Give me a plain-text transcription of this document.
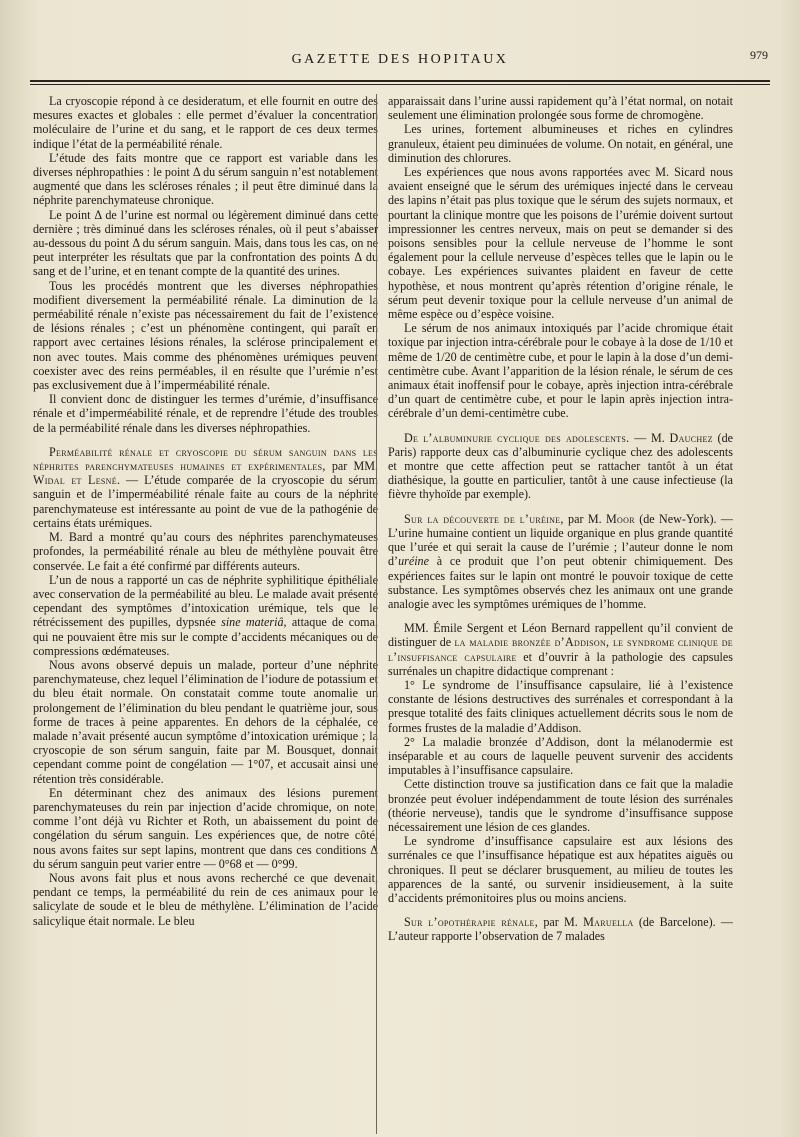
GAZETTE DES HOPITAUX	979

La cryoscopie répond à ce desideratum, et elle fournit en outre des mesures exactes et globales : elle permet d’évaluer la concentration moléculaire de l’urine et du sang, et le rapport de ces deux termes indique l’état de la perméabilité rénale.

L’étude des faits montre que ce rapport est variable dans les diverses néphropathies : le point Δ du sérum sanguin n’est notablement augmenté que dans les scléroses rénales ; il peut être diminué dans la néphrite parenchymateuse chronique.

Le point Δ de l’urine est normal ou légèrement diminué dans cette dernière ; très diminué dans les scléroses rénales, où il peut s’abaisser au-dessous du point Δ du sérum sanguin. Mais, dans tous les cas, on ne peut interpréter les résultats que par la confrontation des points Δ du sang et de l’urine, et en tenant compte de la quantité des urines.

Tous les procédés montrent que les diverses néphropathies modifient diversement la perméabilité rénale. La diminution de la perméabilité rénale n’existe pas nécessairement du fait de l’existence de lésions rénales ; c’est un phénomène contingent, qui paraît en rapport avec certaines lésions rénales, la sclérose principalement et non avec toutes. Mais comme des phénomènes urémiques peuvent coexister avec des reins perméables, il en résulte que l’urémie n’est pas exclusivement due à l’imperméabilité rénale.

Il convient donc de distinguer les termes d’urémie, d’insuffisance rénale et d’imperméabilité rénale, et de reprendre l’étude des troubles de la perméabilité rénale dans les diverses néphropathies.

Perméabilité rénale et cryoscopie du sérum sanguin dans les néphrites parenchymateuses humaines et expérimentales, par MM. Widal et Lesné. — L’étude comparée de la cryoscopie du sérum sanguin et de l’imperméabilité rénale faite au cours de la néphrite parenchymateuse est intéressante au point de vue de la pathogénie de certains états urémiques.

M. Bard a montré qu’au cours des néphrites parenchymateuses profondes, la perméabilité rénale au bleu de méthylène pouvait être conservée. Le fait a été confirmé par différents auteurs.

L’un de nous a rapporté un cas de néphrite syphilitique épithéliale avec conservation de la perméabilité au bleu. Le malade avait présenté cependant des symptômes d’intoxication urémique, tels que le rétrécissement des pupilles, dypsnée sine materiâ, attaque de coma, qui ne pouvaient être mis sur le compte d’accidents mécaniques ou de compressions œdémateuses.

Nous avons observé depuis un malade, porteur d’une néphrite parenchymateuse, chez lequel l’élimination de l’iodure de potassium et du bleu était normale. On constatait comme toute anomalie un prolongement de l’élimination du bleu pendant le quatrième jour, sous forme de traces à peine apparentes. En dehors de la céphalée, ce malade n’avait présenté aucun symptôme d’intoxication urémique ; la cryoscopie de son sérum sanguin, faite par M. Bousquet, donnait cependant comme point de congélation — 1°07, et accusait ainsi une rétention très considérable.

En déterminant chez des animaux des lésions purement parenchymateuses du rein par injection d’acide chromique, on note, comme l’ont déjà vu Richter et Roth, un abaissement du point de congélation du sérum sanguin. Les expériences que, de notre côté, nous avons faites sur sept lapins, montrent que dans ces conditions Δ du sérum sanguin peut varier entre — 0°68 et — 0°99.

Nous avons fait plus et nous avons recherché ce que devenait, pendant ce temps, la perméabilité du rein de ces animaux pour le salicylate de soude et le bleu de méthylène. L’élimination de l’acide salicylique était normale. Le bleu

apparaissait dans l’urine aussi rapidement qu’à l’état normal, on notait seulement une élimination prolongée sous forme de chromogène.

Les urines, fortement albumineuses et riches en cylindres granuleux, étaient peu diminuées de volume. On notait, en général, une diminution des chlorures.

Les expériences que nous avons rapportées avec M. Sicard nous avaient enseigné que le sérum des urémiques injecté dans le cerveau des lapins n’était pas plus toxique que le sérum des sujets normaux, et pourtant la clinique montre que les poisons de l’urémie doivent surtout impressionner les centres nerveux, mais on peut se demander si des poisons sensibles pour la cellule nerveuse de l’homme le sont également pour la cellule nerveuse d’espèces telles que le lapin ou le cobaye. Les expériences suivantes plaident en faveur de cette hypothèse, et nous montrent qu’après rétention d’origine rénale, le sérum peut devenir toxique pour la cellule nerveuse d’un animal de même espèce ou d’espèce voisine.

Le sérum de nos animaux intoxiqués par l’acide chromique était toxique par injection intra-cérébrale pour le cobaye à la dose de 1/10 et même de 1/20 de centimètre cube, et pour le lapin à la dose d’un demi-centimètre cube. Avant l’apparition de la lésion rénale, le sérum de ces animaux était inoffensif pour le cobaye, après injection intra-cérébrale d’un quart de centimètre cube, et pour le lapin après injection intra-cérébrale d’un demi-centimètre cube.

De l’albuminurie cyclique des adolescents. — M. Dauchez (de Paris) rapporte deux cas d’albuminurie cyclique chez des adolescents et montre que cette affection peut se rattacher tantôt à un état diathésique, la goutte en particulier, tantôt à une cause infectieuse (la fièvre thyhoïde par exemple).

Sur la découverte de l’uréine, par M. Moor (de New-York). — L’urine humaine contient un liquide organique en plus grande quantité que l’urée et qui serait la cause de l’urémie ; l’auteur donne le nom d’uréine à ce produit que l’on peut obtenir chimiquement. Des expériences faites sur le lapin ont montré le pouvoir toxique de cette substance. Les symptômes observés chez les animaux ont une grande analogie avec les symptômes urémiques de l’homme.

MM. Émile Sergent et Léon Bernard rappellent qu’il convient de distinguer de la maladie bronzée d’Addison, le syndrome clinique de l’insuffisance capsulaire et d’ouvrir à la pathologie des capsules surrénales un chapitre didactique comprenant :

1° Le syndrome de l’insuffisance capsulaire, lié à l’existence constante de lésions destructives des surrénales et correspondant à la presque totalité des faits cliniques actuellement décrits sous le nom de formes frustes de la maladie d’Addison.

2° La maladie bronzée d’Addison, dont la mélanodermie est inséparable et au cours de laquelle peuvent survenir des accidents imputables à l’insuffisance capsulaire.

Cette distinction trouve sa justification dans ce fait que la maladie bronzée peut évoluer indépendamment de toute lésion des surrénales (théorie nerveuse), tandis que le syndrome d’insuffisance suppose nécessairement une lésion de ces glandes.

Le syndrome d’insuffisance capsulaire est aux lésions des surrénales ce que l’insuffisance hépatique est aux hépatites aiguës ou chroniques. Il peut se déclarer brusquement, au milieu de toutes les apparences de la santé, ou survenir insidieusement, à la suite d’accidents prémonitoires plus ou moins anciens.

Sur l’opothérapie rénale, par M. Maruella (de Barcelone). — L’auteur rapporte l’observation de 7 malades
